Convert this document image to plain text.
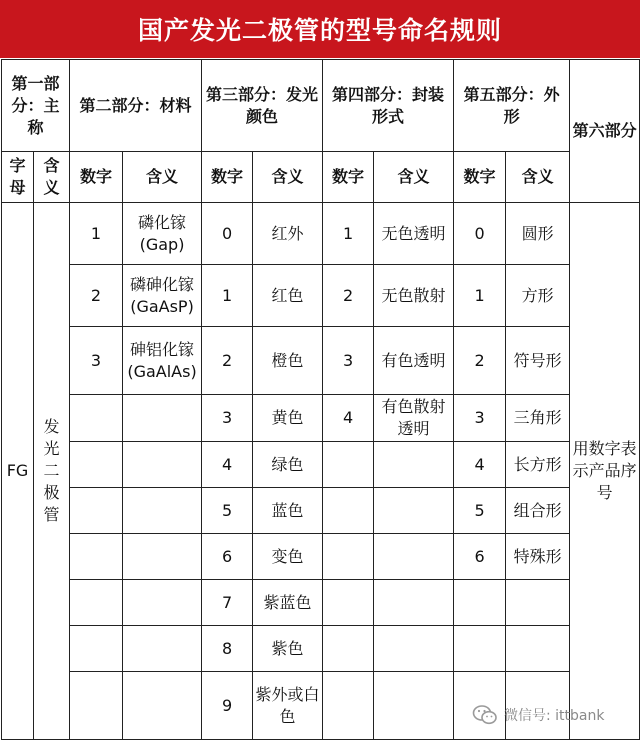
国产发光二极管的型号命名规则
第一部分：主称		第二部分：材料		第三部分：发光颜色		第四部分：封装形式		第五部分：外形		第六部分
字母	含义	数字	含义	数字	含义	数字	含义	数字	含义	
FG	发光二极管	1	磷化镓(Gap)	0	红外	1	无色透明	0	圆形	用数字表示产品序号
		2	磷砷化镓(GaAsP)	1	红色	2	无色散射	1	方形	
		3	砷铝化镓(GaAlAs)	2	橙色	3	有色透明	2	符号形	
				3	黄色	4	有色散射透明	3	三角形	
				4	绿色			4	长方形	
				5	蓝色			5	组合形	
				6	变色			6	特殊形	
				7	紫蓝色					
				8	紫色					
				9	紫外或白色						微信号: ittbank
